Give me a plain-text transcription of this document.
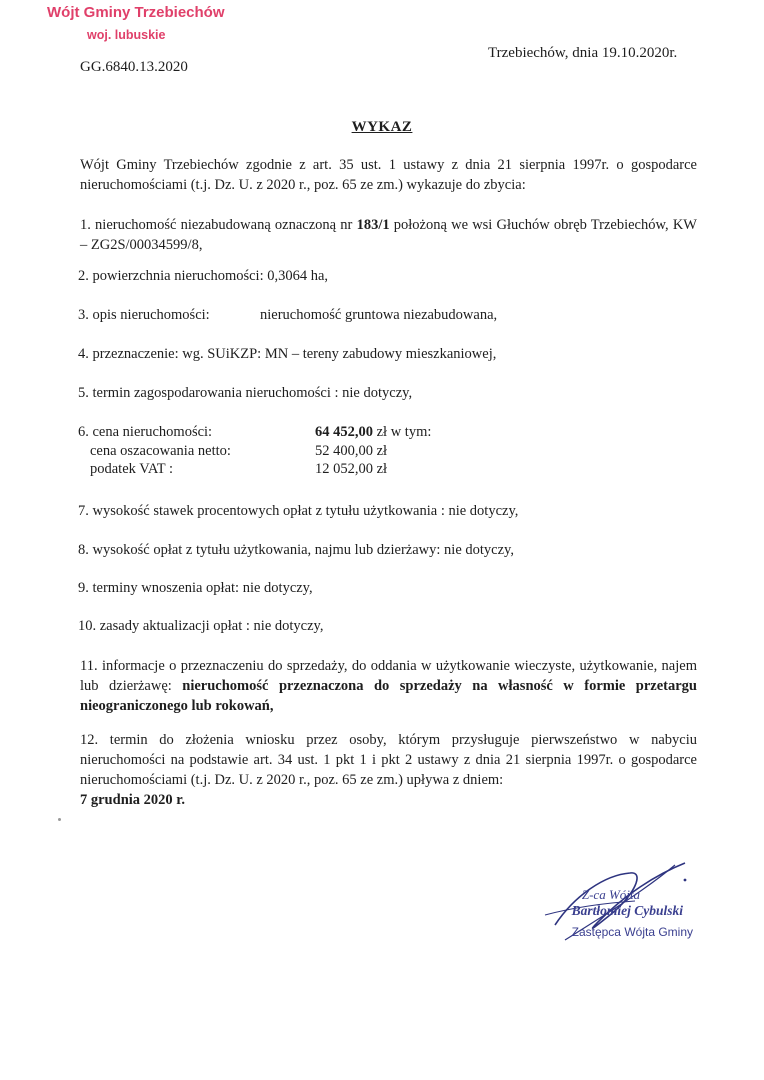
Wójt Gminy Trzebiechów
woj. lubuskie
GG.6840.13.2020
Trzebiechów, dnia 19.10.2020r.
WYKAZ
Wójt Gminy Trzebiechów zgodnie z art. 35 ust. 1 ustawy z dnia 21 sierpnia 1997r. o gospodarce nieruchomościami (t.j. Dz. U. z 2020 r., poz. 65 ze zm.) wykazuje do zbycia:
1. nieruchomość niezabudowaną oznaczoną nr 183/1 położoną we wsi Głuchów obręb Trzebiechów, KW – ZG2S/00034599/8,
2. powierzchnia nieruchomości: 0,3064 ha,
3. opis nieruchomości:	nieruchomość gruntowa niezabudowana,
4. przeznaczenie: wg. SUiKZP: MN – tereny zabudowy mieszkaniowej,
5. termin zagospodarowania nieruchomości : nie dotyczy,
6. cena nieruchomości:	64 452,00 zł w tym:
cena oszacowania netto:	52 400,00 zł
podatek VAT :	12 052,00 zł
7. wysokość stawek procentowych opłat z tytułu użytkowania : nie dotyczy,
8. wysokość opłat z tytułu użytkowania, najmu lub dzierżawy: nie dotyczy,
9. terminy wnoszenia opłat: nie dotyczy,
10. zasady aktualizacji opłat : nie dotyczy,
11. informacje o przeznaczeniu do sprzedaży, do oddania w użytkowanie wieczyste, użytkowanie, najem lub dzierżawę: nieruchomość przeznaczona do sprzedaży na własność w formie przetargu nieograniczonego lub rokowań,
12. termin do złożenia wniosku przez osoby, którym przysługuje pierwszeństwo w nabyciu nieruchomości na podstawie art. 34 ust. 1 pkt 1 i pkt 2 ustawy z dnia 21 sierpnia 1997r. o gospodarce nieruchomościami (t.j. Dz. U. z 2020 r., poz. 65 ze zm.) upływa z dniem:
7 grudnia 2020 r.
Z-ca Wójta
Bartłomiej Cybulski
Zastępca Wójta Gminy
